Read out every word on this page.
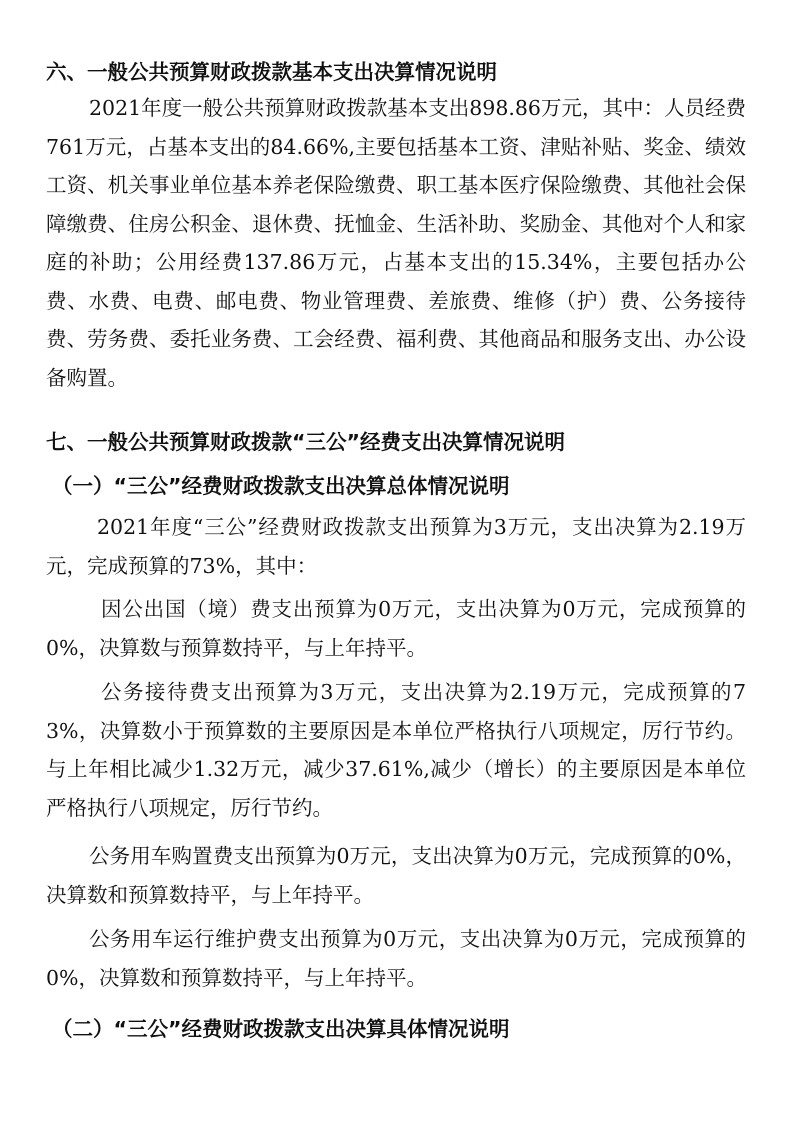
六、一般公共预算财政拨款基本支出决算情况说明
2021年度一般公共预算财政拨款基本支出898.86万元，其中：人员经费761万元，占基本支出的84.66%,主要包括基本工资、津贴补贴、奖金、绩效工资、机关事业单位基本养老保险缴费、职工基本医疗保险缴费、其他社会保障缴费、住房公积金、退休费、抚恤金、生活补助、奖励金、其他对个人和家庭的补助；公用经费137.86万元，占基本支出的15.34%，主要包括办公费、水费、电费、邮电费、物业管理费、差旅费、维修（护）费、公务接待费、劳务费、委托业务费、工会经费、福利费、其他商品和服务支出、办公设备购置。
七、一般公共预算财政拨款“三公”经费支出决算情况说明
（一）“三公”经费财政拨款支出决算总体情况说明
2021年度“三公”经费财政拨款支出预算为3万元，支出决算为2.19万元，完成预算的73%，其中：
因公出国（境）费支出预算为0万元，支出决算为0万元，完成预算的0%，决算数与预算数持平，与上年持平。
公务接待费支出预算为3万元，支出决算为2.19万元，完成预算的73%，决算数小于预算数的主要原因是本单位严格执行八项规定，厉行节约。与上年相比减少1.32万元，减少37.61%,减少（增长）的主要原因是本单位严格执行八项规定，厉行节约。
公务用车购置费支出预算为0万元，支出决算为0万元，完成预算的0%，决算数和预算数持平，与上年持平。
公务用车运行维护费支出预算为0万元，支出决算为0万元，完成预算的0%，决算数和预算数持平，与上年持平。
（二）“三公”经费财政拨款支出决算具体情况说明
